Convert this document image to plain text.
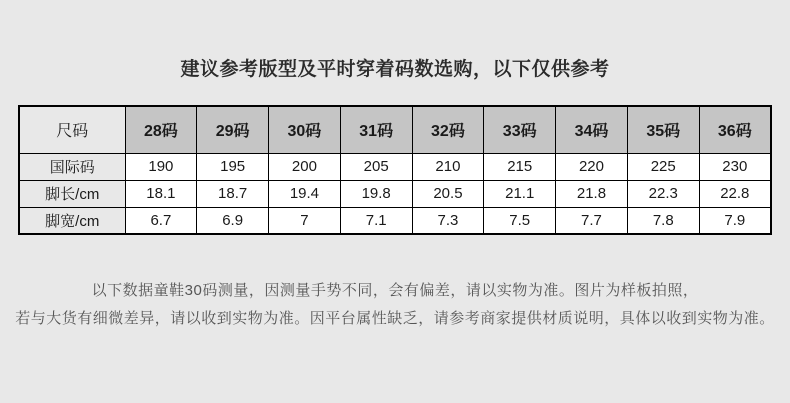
建议参考版型及平时穿着码数选购，以下仅供参考
尺码	28码	29码	30码	31码	32码	33码	34码	35码	36码
国际码	190	195	200	205	210	215	220	225	230
脚长/cm	18.1	18.7	19.4	19.8	20.5	21.1	21.8	22.3	22.8
脚宽/cm	6.7	6.9	7	7.1	7.3	7.5	7.7	7.8	7.9
以下数据童鞋30码测量，因测量手势不同，会有偏差，请以实物为准。图片为样板拍照，
若与大货有细微差异，请以收到实物为准。因平台属性缺乏，请参考商家提供材质说明，具体以收到实物为准。
